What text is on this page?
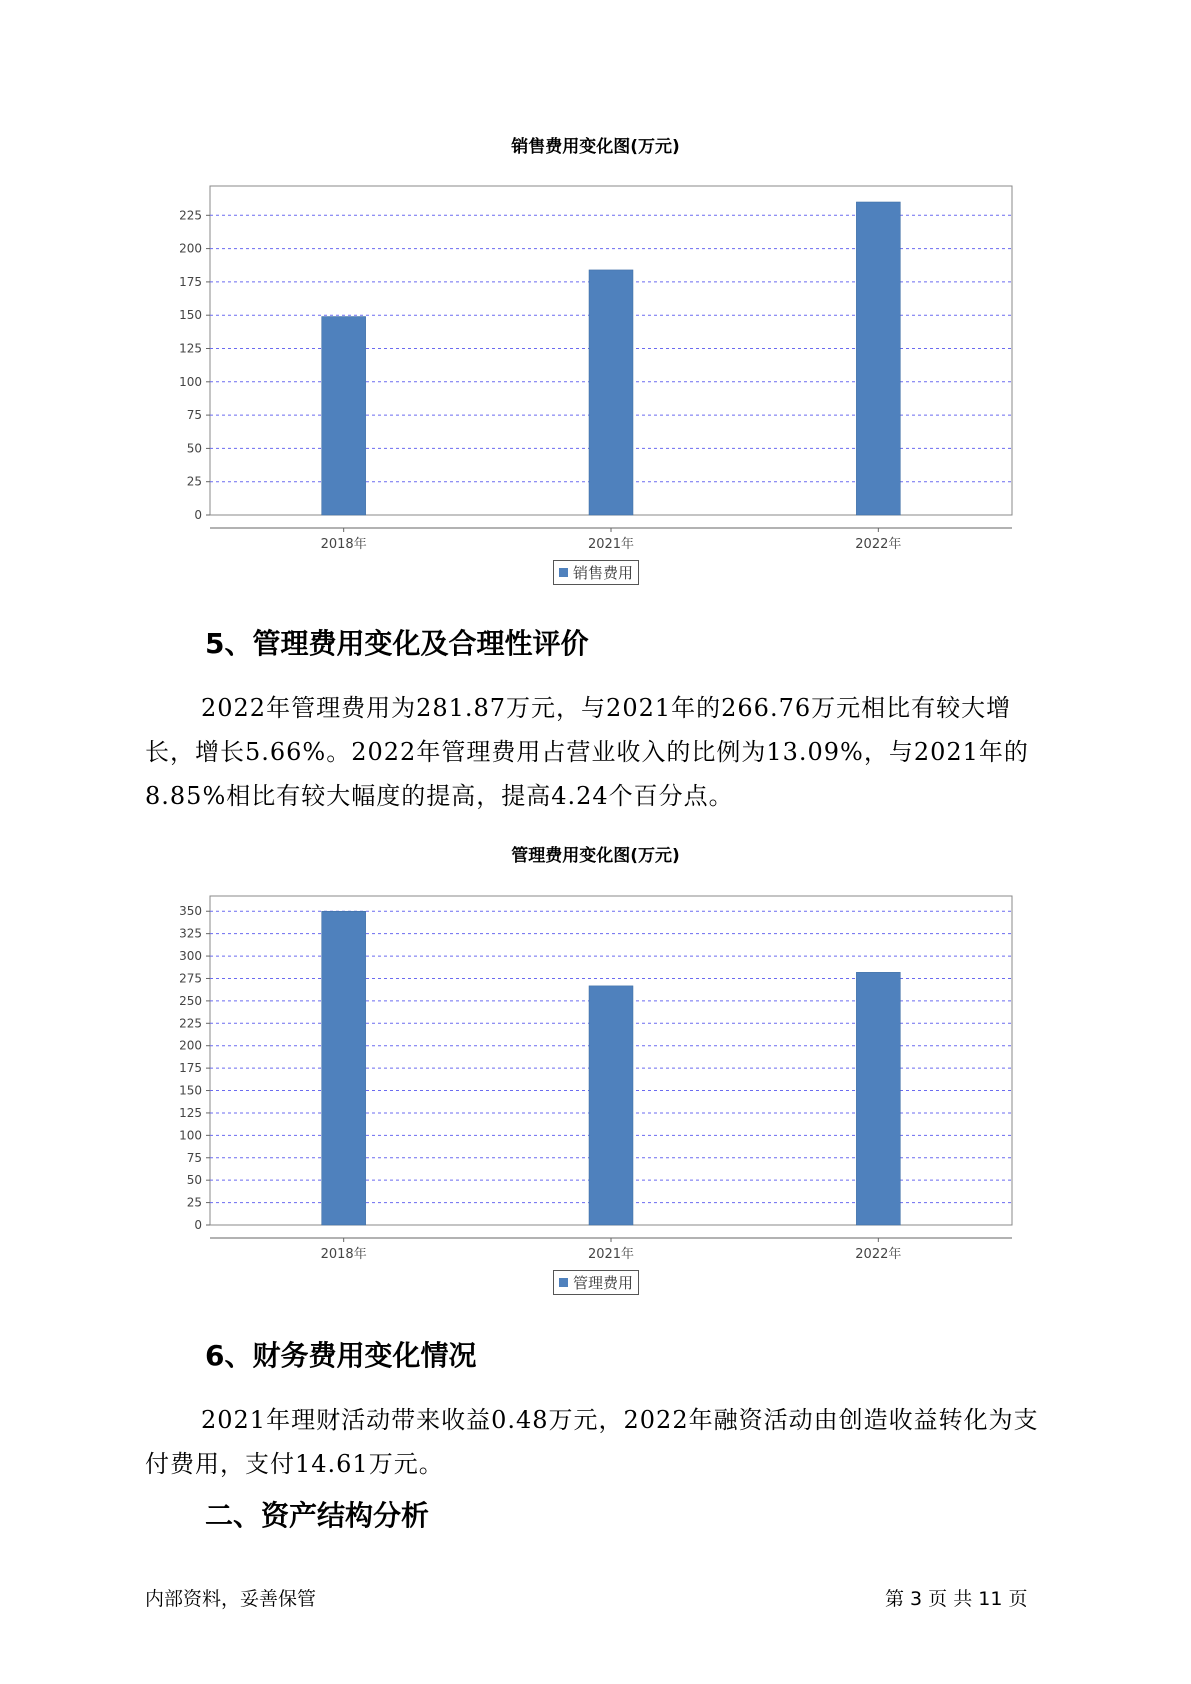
销售费用变化图(万元)
0
25
50
75
100
125
150
175
200
225
2018年	2021年	2022年
销售费用
5、管理费用变化及合理性评价
2022年管理费用为281.87万元，与2021年的266.76万元相比有较大增长，增长5.66%。2022年管理费用占营业收入的比例为13.09%，与2021年的8.85%相比有较大幅度的提高，提高4.24个百分点。
管理费用变化图(万元)
0
25
50
75
100
125
150
175
200
225
250
275
300
325
350
2018年	2021年	2022年
管理费用
6、财务费用变化情况
2021年理财活动带来收益0.48万元，2022年融资活动由创造收益转化为支付费用，支付14.61万元。
二、资产结构分析
内部资料，妥善保管	第 3 页 共 11 页
